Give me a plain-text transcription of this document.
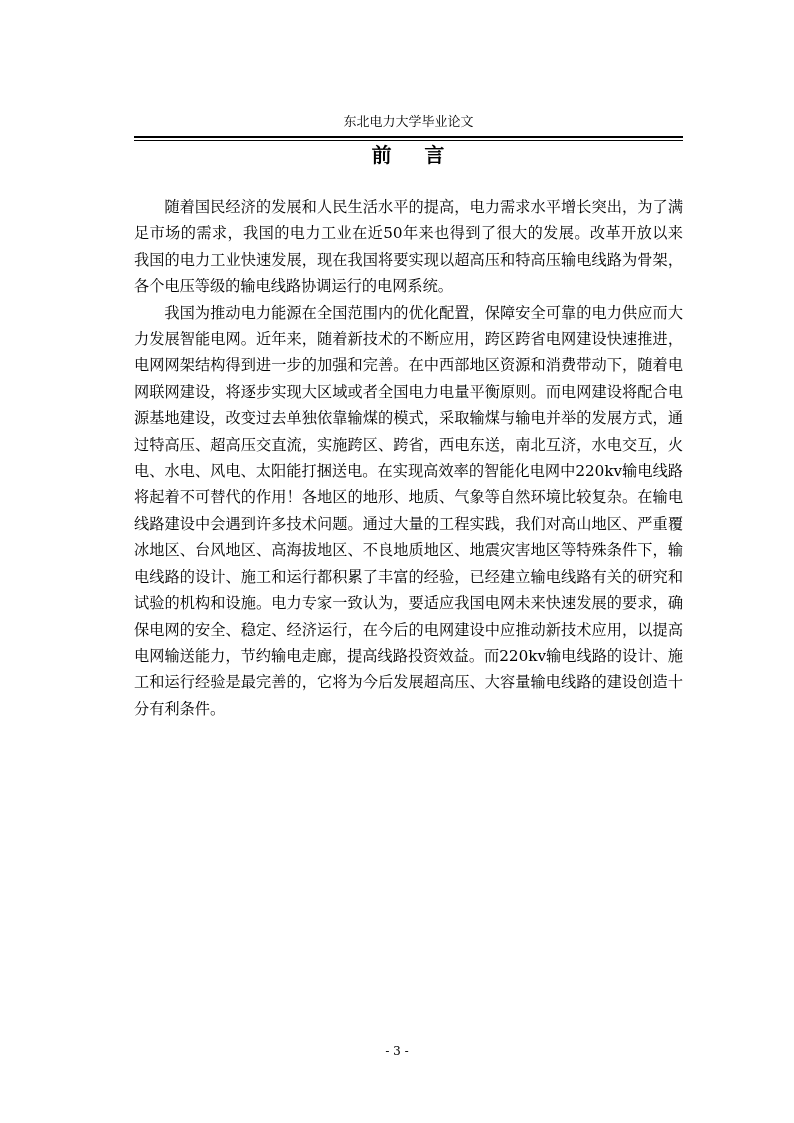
东北电力大学毕业论文
前    言

随着国民经济的发展和人民生活水平的提高，电力需求水平增长突出，为了满足市场的需求，我国的电力工业在近50年来也得到了很大的发展。改革开放以来我国的电力工业快速发展，现在我国将要实现以超高压和特高压输电线路为骨架，各个电压等级的输电线路协调运行的电网系统。

我国为推动电力能源在全国范围内的优化配置，保障安全可靠的电力供应而大力发展智能电网。近年来，随着新技术的不断应用，跨区跨省电网建设快速推进，电网网架结构得到进一步的加强和完善。在中西部地区资源和消费带动下，随着电网联网建设，将逐步实现大区域或者全国电力电量平衡原则。而电网建设将配合电源基地建设，改变过去单独依靠输煤的模式，采取输煤与输电并举的发展方式，通过特高压、超高压交直流，实施跨区、跨省，西电东送，南北互济，水电交互，火电、水电、风电、太阳能打捆送电。在实现高效率的智能化电网中220kv输电线路将起着不可替代的作用！各地区的地形、地质、气象等自然环境比较复杂。在输电线路建设中会遇到许多技术问题。通过大量的工程实践，我们对高山地区、严重覆冰地区、台风地区、高海拔地区、不良地质地区、地震灾害地区等特殊条件下，输电线路的设计、施工和运行都积累了丰富的经验，已经建立输电线路有关的研究和试验的机构和设施。电力专家一致认为，要适应我国电网未来快速发展的要求，确保电网的安全、稳定、经济运行，在今后的电网建设中应推动新技术应用，以提高电网输送能力，节约输电走廊，提高线路投资效益。而220kv输电线路的设计、施工和运行经验是最完善的，它将为今后发展超高压、大容量输电线路的建设创造十分有利条件。

- 3 -
